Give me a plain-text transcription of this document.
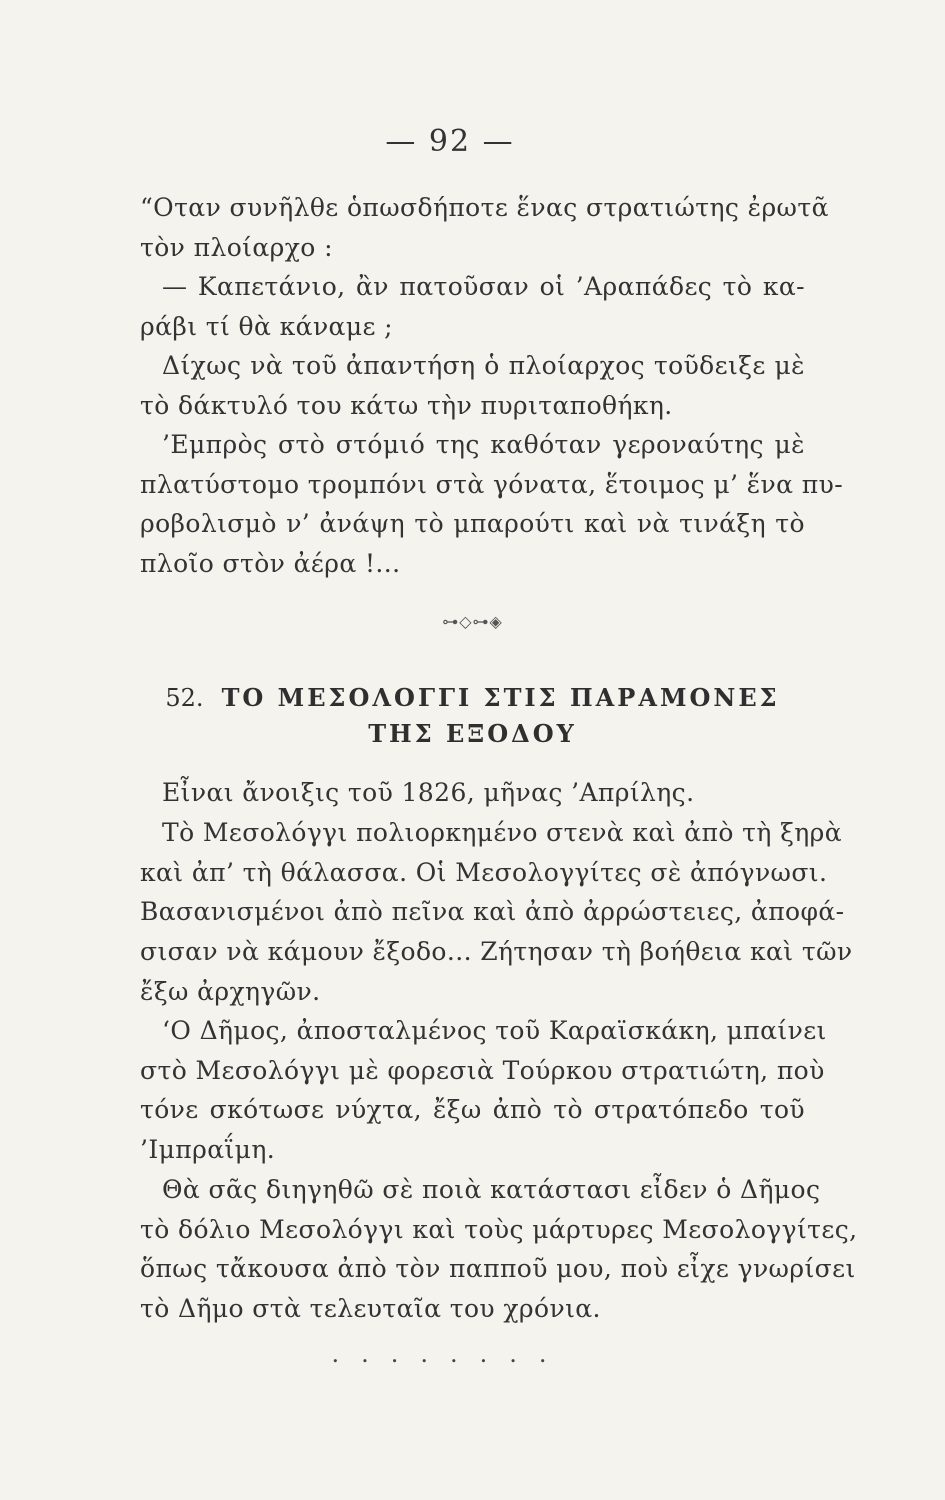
— 92 —
“Οταν συνῆλθε ὁπωσδήποτε ἕνας στρατιώτης ἐρωτᾶ
τὸν πλοίαρχο :
— Καπετάνιο, ἂν πατοῦσαν οἱ ’Αραπάδες τὸ κα-
ράβι τί θὰ κάναμε ;
Δίχως νὰ τοῦ ἀπαντήση ὁ πλοίαρχος τοῦδειξε μὲ
τὸ δάκτυλό του κάτω τὴν πυριταποθήκη.
’Εμπρὸς στὸ στόμιό της καθόταν γεροναύτης μὲ
πλατύστομο τρομπόνι στὰ γόνατα, ἕτοιμος μ’ ἕνα πυ-
ροβολισμὸ ν’ ἀνάψη τὸ μπαρούτι καὶ νὰ τινάξη τὸ
πλοῖο στὸν ἀέρα !...
⊶◇⊶◈
52. ΤΟ ΜΕΣΟΛΟΓΓΙ ΣΤΙΣ ΠΑΡΑΜΟΝΕΣ
ΤΗΣ ΕΞΟΔΟΥ
Εἶναι ἄνοιξις τοῦ 1826, μῆνας ’Απρίλης.
Τὸ Μεσολόγγι πολιορκημένο στενὰ καὶ ἀπὸ τὴ ξηρὰ
καὶ ἀπ’ τὴ θάλασσα. Οἱ Μεσολογγίτες σὲ ἀπόγνωσι.
Βασανισμένοι ἀπὸ πεῖνα καὶ ἀπὸ ἀρρώστειες, ἀποφά-
σισαν νὰ κάμουν ἔξοδο... Ζήτησαν τὴ βοήθεια καὶ τῶν
ἔξω ἀρχηγῶν.
‘Ο Δῆμος, ἀποσταλμένος τοῦ Καραϊσκάκη, μπαίνει
στὸ Μεσολόγγι μὲ φορεσιὰ Τούρκου στρατιώτη, ποὺ
τόνε σκότωσε νύχτα, ἔξω ἀπὸ τὸ στρατόπεδο τοῦ
’Ιμπραΐμη.
Θὰ σᾶς διηγηθῶ σὲ ποιὰ κατάστασι εἶδεν ὁ Δῆμος
τὸ δόλιο Μεσολόγγι καὶ τοὺς μάρτυρες Μεσολογγίτες,
ὅπως τἄκουσα ἀπὸ τὸν παπποῦ μου, ποὺ εἶχε γνωρίσει
τὸ Δῆμο στὰ τελευταῖα του χρόνια.
........
